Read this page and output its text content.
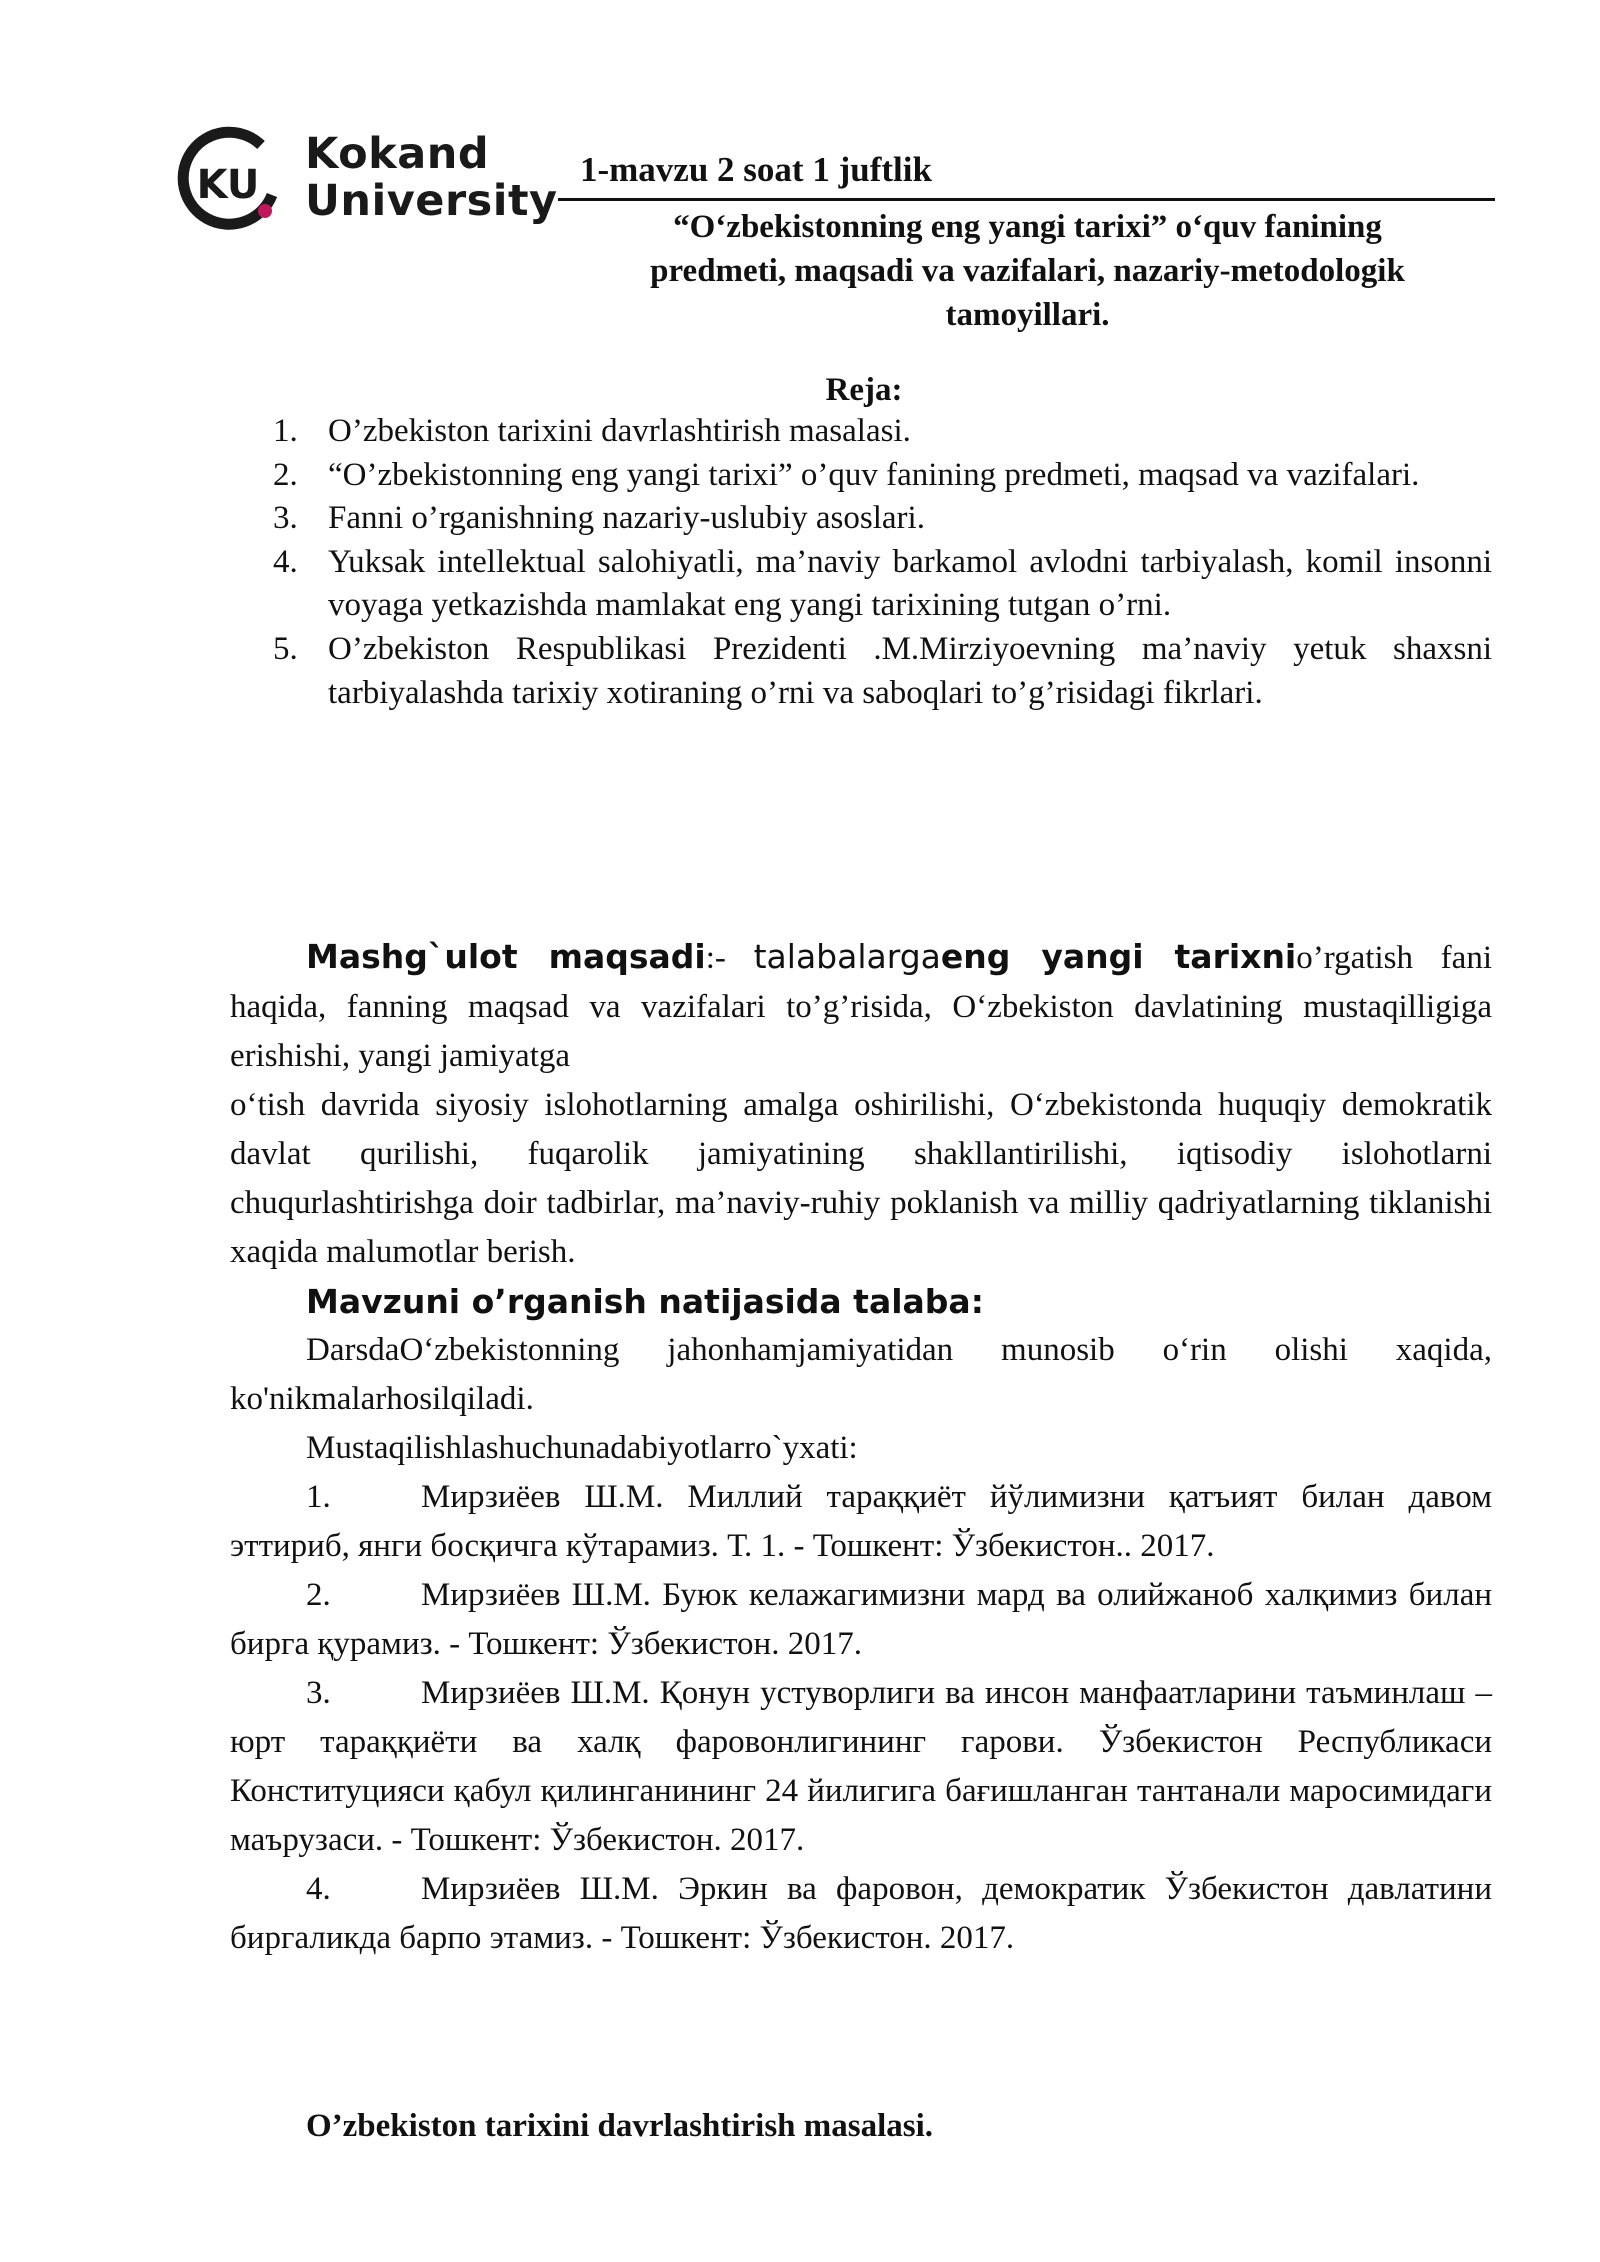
KU
Kokand
University
1-mavzu 2 soat 1 juftlik
“O‘zbekistonning eng yangi tarixi” o‘quv fanining
predmeti, maqsadi va vazifalari, nazariy-metodologik
tamoyillari.
Reja:
1. O’zbekiston tarixini davrlashtirish masalasi.
2. “O’zbekistonning eng yangi tarixi” o’quv fanining predmeti, maqsad va vazifalari.
3. Fanni o’rganishning nazariy-uslubiy asoslari.
4. Yuksak intellektual salohiyatli, ma’naviy barkamol avlodni tarbiyalash, komil insonni voyaga yetkazishda mamlakat eng yangi tarixining tutgan o’rni.
5. O’zbekiston Respublikasi Prezidenti .M.Mirziyoevning ma’naviy yetuk shaxsni tarbiyalashda tarixiy xotiraning o’rni va saboqlari to’g’risidagi fikrlari.

Mashg`ulot maqsadi:- talabalargaeng yangi tarixnio’rgatish fani haqida, fanning maqsad va vazifalari to’g’risida, O‘zbekiston davlatining mustaqilligiga erishishi, yangi jamiyatga

o‘tish davrida siyosiy islohotlarning amalga oshirilishi, O‘zbekistonda huquqiy demokratik davlat qurilishi, fuqarolik jamiyatining shakllantirilishi, iqtisodiy islohotlarni chuqurlashtirishga doir tadbirlar, ma’naviy-ruhiy poklanish va milliy qadriyatlarning tiklanishi xaqida malumotlar berish.

Mavzuni o’rganish natijasida talaba:

DarsdaO‘zbekistonning jahonhamjamiyatidan munosib o‘rin olishi xaqida, ko'nikmalarhosilqiladi.

Mustaqilishlashuchunadabiyotlarro`yxati:

1.	Мирзиёев Ш.М. Миллий тараққиёт йўлимизни қатъият билан давом эттириб, янги босқичга кўтарамиз. Т. 1. - Тошкент: Ўзбекистон.. 2017.

2.	Мирзиёев Ш.М. Буюк келажагимизни мард ва олийжаноб халқимиз билан бирга қурамиз. - Тошкент: Ўзбекистон. 2017.

3.	Мирзиёев Ш.М. Қонун устуворлиги ва инсон манфаатларини таъминлаш – юрт тараққиёти ва халқ фаровонлигининг гарови. Ўзбекистон Республикаси Конституцияси қабул қилинганининг 24 йилигига бағишланган тантанали маросимидаги маърузаси. - Тошкент: Ўзбекистон. 2017.

4.	Мирзиёев Ш.М. Эркин ва фаровон, демократик Ўзбекистон давлатини биргаликда барпо этамиз. - Тошкент: Ўзбекистон. 2017.

O’zbekiston tarixini davrlashtirish masalasi.
